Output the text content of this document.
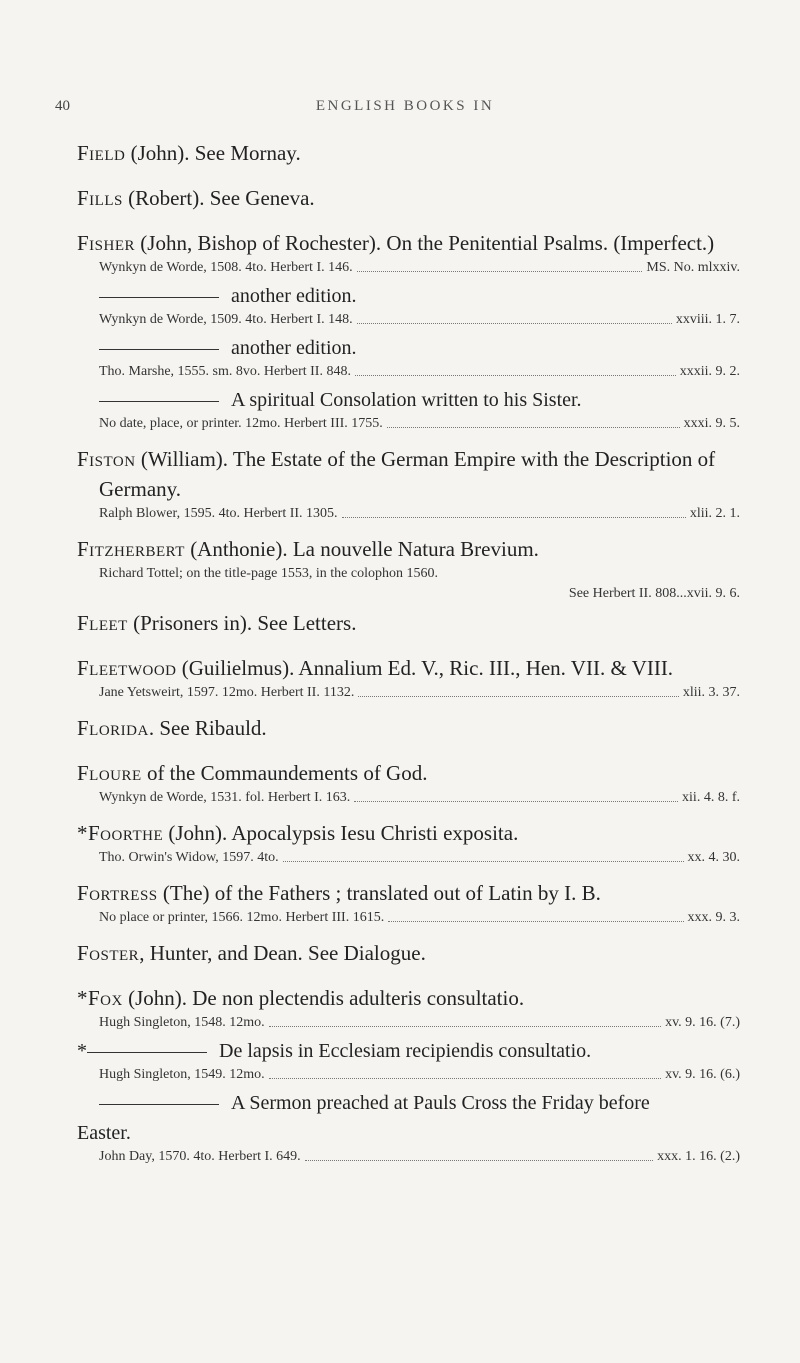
40	ENGLISH BOOKS IN
Field (John). See Mornay.
Fills (Robert). See Geneva.
Fisher (John, Bishop of Rochester). On the Penitential Psalms. (Imperfect.)
Wynkyn de Worde, 1508. 4to. Herbert I. 146.	MS. No. mlxxiv.
another edition.
Wynkyn de Worde, 1509. 4to. Herbert I. 148.	xxviii. 1. 7.
another edition.
Tho. Marshe, 1555. sm. 8vo. Herbert II. 848.	xxxii. 9. 2.
A spiritual Consolation written to his Sister.
No date, place, or printer. 12mo. Herbert III. 1755.	xxxi. 9. 5.
Fiston (William). The Estate of the German Empire with the Description of Germany.
Ralph Blower, 1595. 4to. Herbert II. 1305.	xlii. 2. 1.
Fitzherbert (Anthonie). La nouvelle Natura Brevium.
Richard Tottel; on the title-page 1553, in the colophon 1560.
See Herbert II. 808...xvii. 9. 6.
Fleet (Prisoners in). See Letters.
Fleetwood (Guilielmus). Annalium Ed. V., Ric. III., Hen. VII. & VIII.
Jane Yetsweirt, 1597. 12mo. Herbert II. 1132.	xlii. 3. 37.
Florida. See Ribauld.
Floure of the Commaundements of God.
Wynkyn de Worde, 1531. fol. Herbert I. 163.	xii. 4. 8. f.
*Foorthe (John). Apocalypsis Iesu Christi exposita.
Tho. Orwin's Widow, 1597. 4to.	xx. 4. 30.
Fortress (The) of the Fathers ; translated out of Latin by I. B.
No place or printer, 1566. 12mo. Herbert III. 1615.	xxx. 9. 3.
Foster, Hunter, and Dean. See Dialogue.
*Fox (John). De non plectendis adulteris consultatio.
Hugh Singleton, 1548. 12mo.	xv. 9. 16. (7.)
*	De lapsis in Ecclesiam recipiendis consultatio.
Hugh Singleton, 1549. 12mo.	xv. 9. 16. (6.)
A Sermon preached at Pauls Cross the Friday before
Easter.
John Day, 1570. 4to. Herbert I. 649.	xxx. 1. 16. (2.)
